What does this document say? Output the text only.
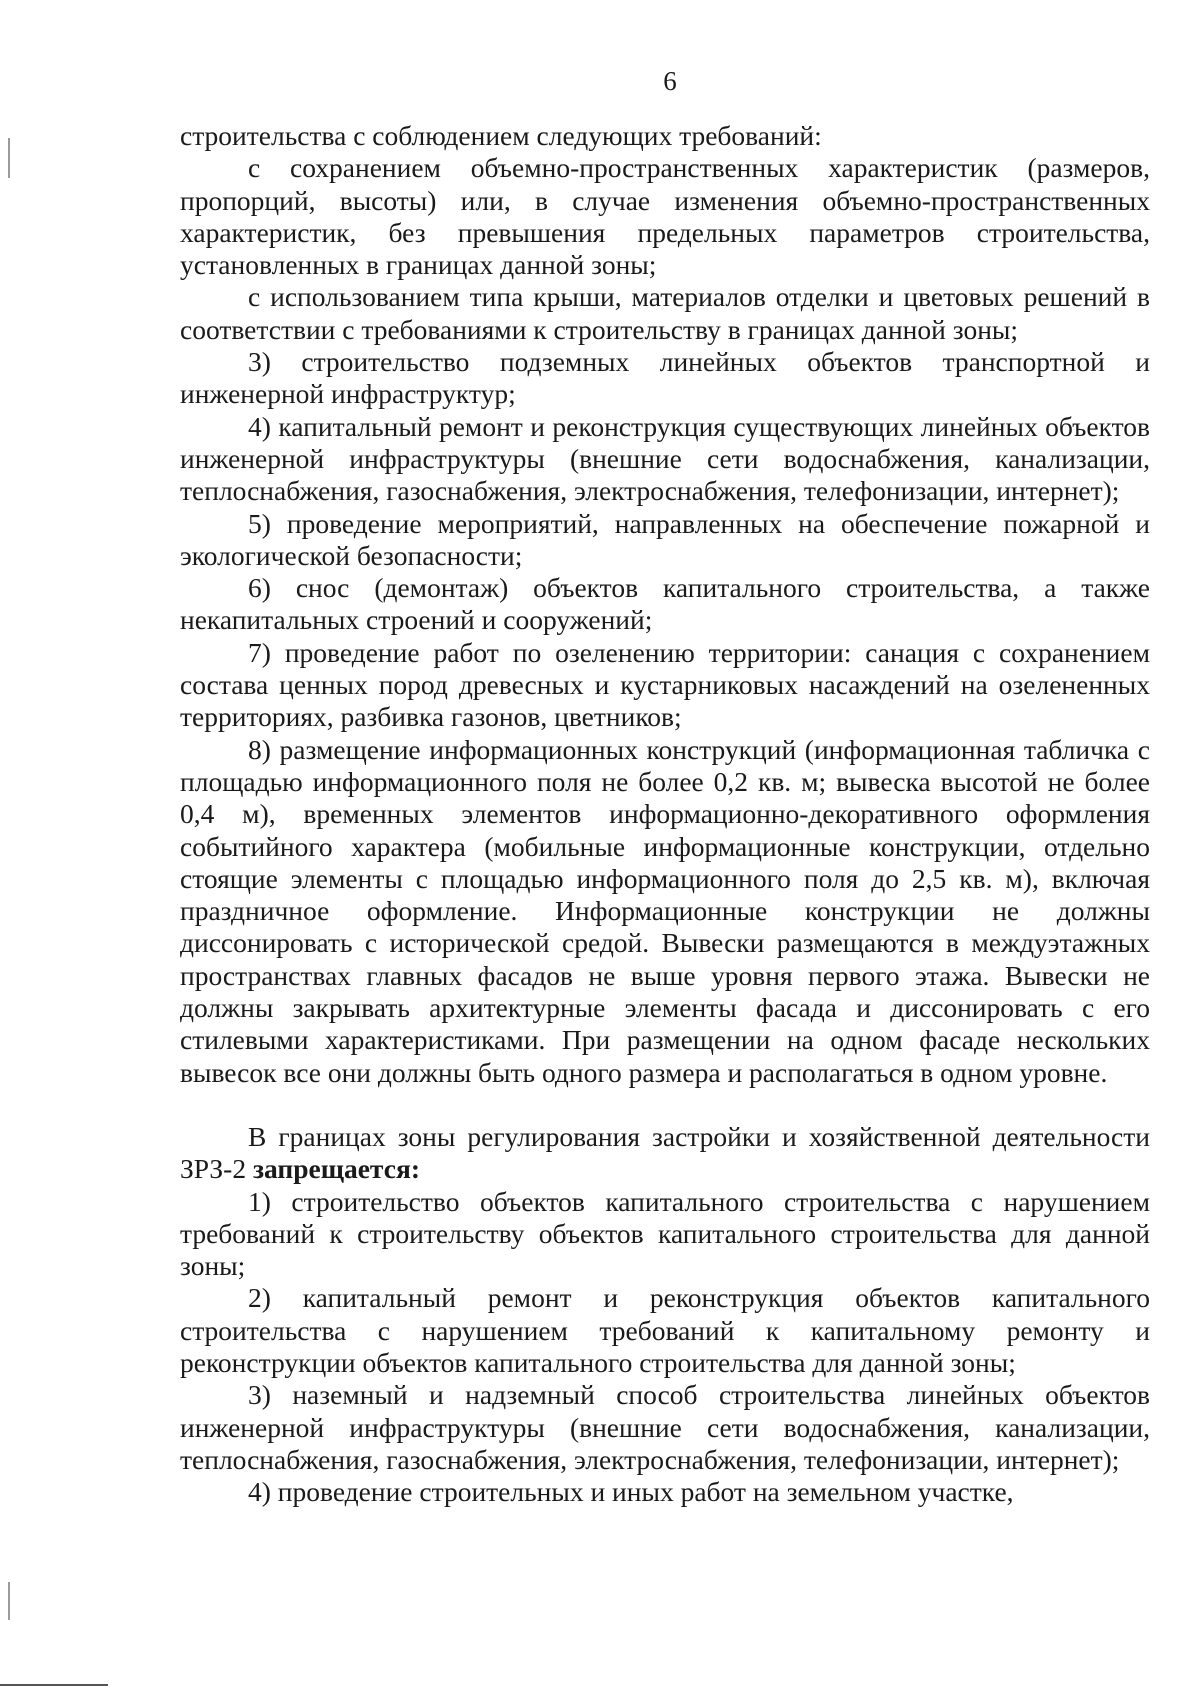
6

строительства с соблюдением следующих требований:

с сохранением объемно-пространственных характеристик (размеров, пропорций, высоты) или, в случае изменения объемно-пространственных характеристик, без превышения предельных параметров строительства, установленных в границах данной зоны;

с использованием типа крыши, материалов отделки и цветовых решений в соответствии с требованиями к строительству в границах данной зоны;

3) строительство подземных линейных объектов транспортной и инженерной инфраструктур;

4) капитальный ремонт и реконструкция существующих линейных объектов инженерной инфраструктуры (внешние сети водоснабжения, канализации, теплоснабжения, газоснабжения, электроснабжения, телефонизации, интернет);

5) проведение мероприятий, направленных на обеспечение пожарной и экологической безопасности;

6) снос (демонтаж) объектов капитального строительства, а также некапитальных строений и сооружений;

7) проведение работ по озеленению территории: санация с сохранением состава ценных пород древесных и кустарниковых насаждений на озелененных территориях, разбивка газонов, цветников;

8) размещение информационных конструкций (информационная табличка с площадью информационного поля не более 0,2 кв. м; вывеска высотой не более 0,4 м), временных элементов информационно-декоративного оформления событийного характера (мобильные информационные конструкции, отдельно стоящие элементы с площадью информационного поля до 2,5 кв. м), включая праздничное оформление. Информационные конструкции не должны диссонировать с исторической средой. Вывески размещаются в междуэтажных пространствах главных фасадов не выше уровня первого этажа. Вывески не должны закрывать архитектурные элементы фасада и диссонировать с его стилевыми характеристиками. При размещении на одном фасаде нескольких вывесок все они должны быть одного размера и располагаться в одном уровне.

В границах зоны регулирования застройки и хозяйственной деятельности ЗРЗ-2 запрещается:

1) строительство объектов капитального строительства с нарушением требований к строительству объектов капитального строительства для данной зоны;

2) капитальный ремонт и реконструкция объектов капитального строительства с нарушением требований к капитальному ремонту и реконструкции объектов капитального строительства для данной зоны;

3) наземный и надземный способ строительства линейных объектов инженерной инфраструктуры (внешние сети водоснабжения, канализации, теплоснабжения, газоснабжения, электроснабжения, телефонизации, интернет);

4) проведение строительных и иных работ на земельном участке,
